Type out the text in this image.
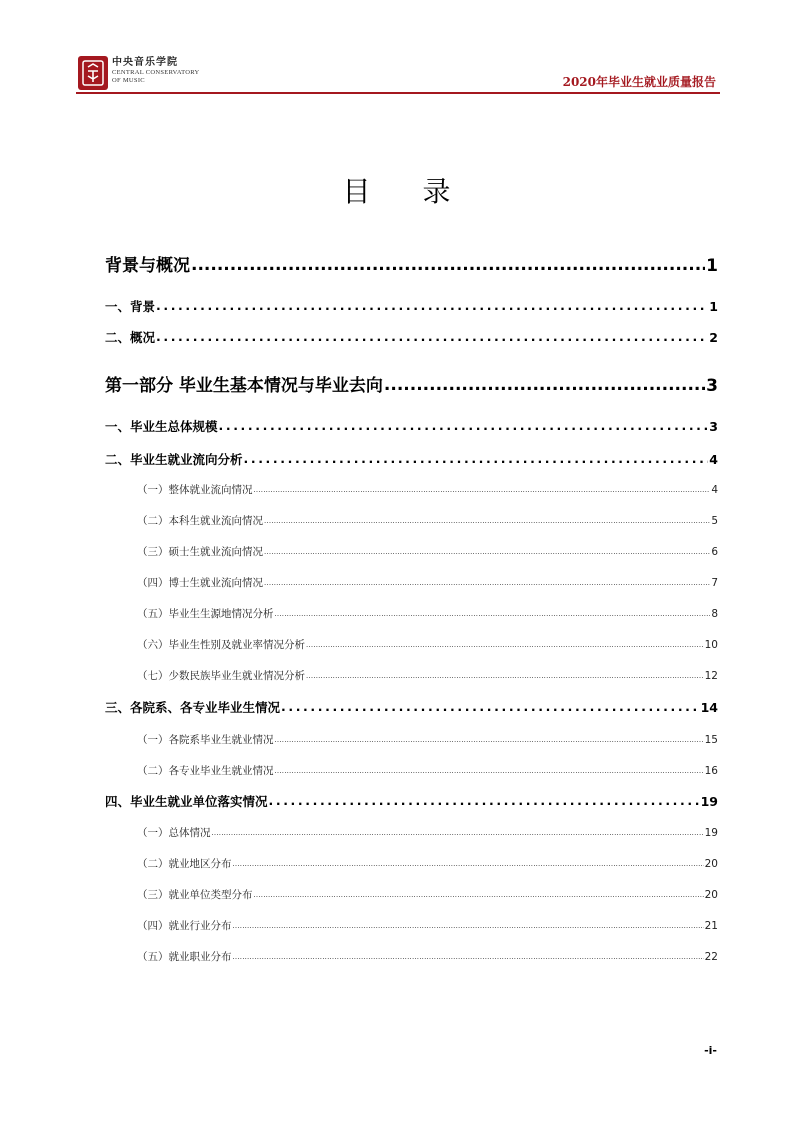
中央音乐学院
CENTRAL CONSERVATORY
OF MUSIC	2020年毕业生就业质量报告
目 录
背景与概况 .....	1
一、背景 .....	1
二、概况 .....	2
第一部分 毕业生基本情况与毕业去向 .....	3
一、毕业生总体规模 .....	3
二、毕业生就业流向分析 .....	4
（一）整体就业流向情况 .....	4
（二）本科生就业流向情况 .....	5
（三）硕士生就业流向情况 .....	6
（四）博士生就业流向情况 .....	7
（五）毕业生生源地情况分析 .....	8
（六）毕业生性别及就业率情况分析 .....	10
（七）少数民族毕业生就业情况分析 .....	12
三、各院系、各专业毕业生情况 .....	14
（一）各院系毕业生就业情况 .....	15
（二）各专业毕业生就业情况 .....	16
四、毕业生就业单位落实情况 .....	19
（一）总体情况 .....	19
（二）就业地区分布 .....	20
（三）就业单位类型分布 .....	20
（四）就业行业分布 .....	21
（五）就业职业分布 .....	22
-i-
